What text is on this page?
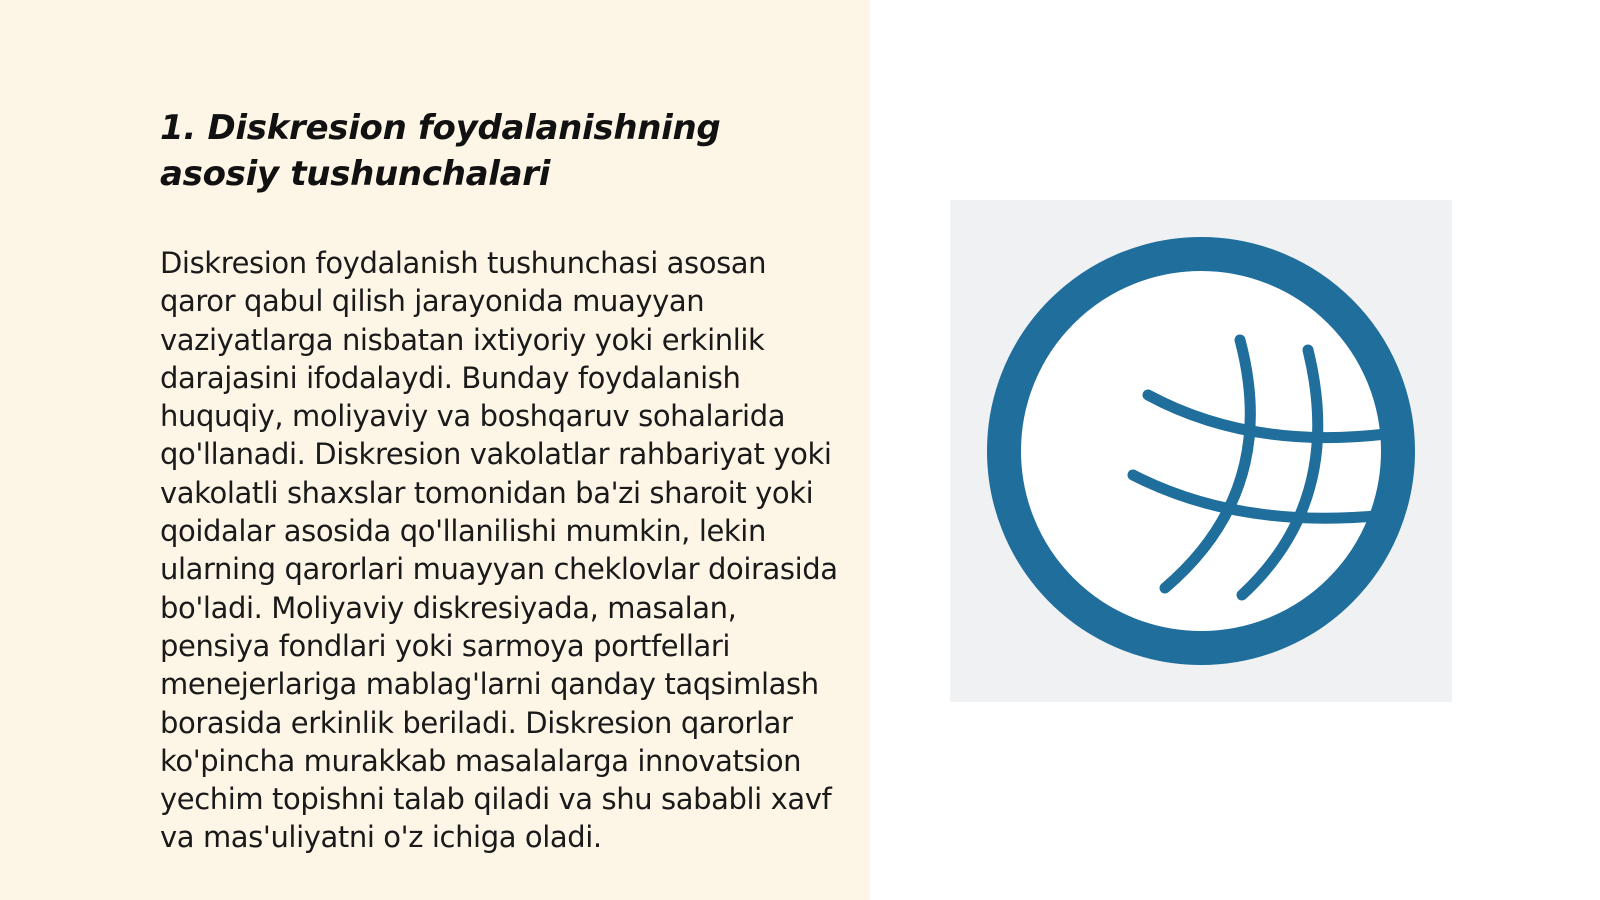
1. Diskresion foydalanishning asosiy tushunchalari

Diskresion foydalanish tushunchasi asosan qaror qabul qilish jarayonida muayyan vaziyatlarga nisbatan ixtiyoriy yoki erkinlik darajasini ifodalaydi. Bunday foydalanish huquqiy, moliyaviy va boshqaruv sohalarida qo'llanadi. Diskresion vakolatlar rahbariyat yoki vakolatli shaxslar tomonidan ba'zi sharoit yoki qoidalar asosida qo'llanilishi mumkin, lekin ularning qarorlari muayyan cheklovlar doirasida bo'ladi. Moliyaviy diskresiyada, masalan, pensiya fondlari yoki sarmoya portfellari menejerlariga mablag'larni qanday taqsimlash borasida erkinlik beriladi. Diskresion qarorlar ko'pincha murakkab masalalarga innovatsion yechim topishni talab qiladi va shu sababli xavf va mas'uliyatni o'z ichiga oladi.
